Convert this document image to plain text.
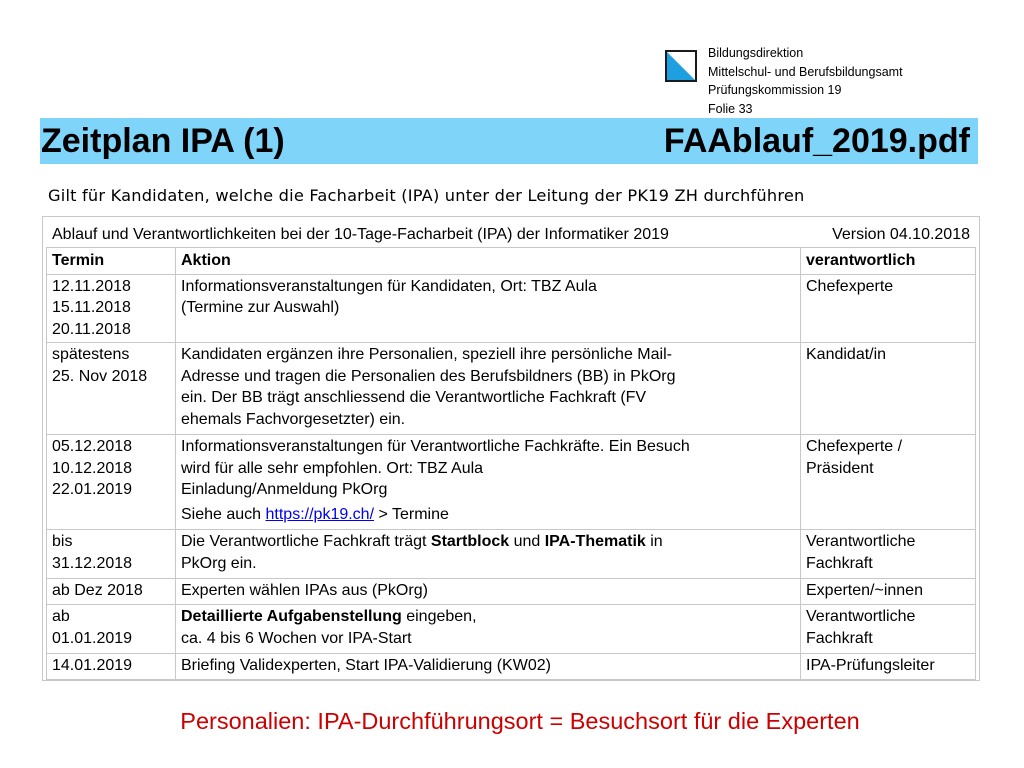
Bildungsdirektion
Mittelschul- und Berufsbildungsamt
Prüfungskommission 19
Folie 33
Zeitplan IPA (1)	FAAblauf_2019.pdf
Gilt für Kandidaten, welche die Facharbeit (IPA) unter der Leitung der PK19 ZH durchführen
Ablauf und Verantwortlichkeiten bei der 10-Tage-Facharbeit (IPA) der Informatiker 2019	Version 04.10.2018
Termin	Aktion	verantwortlich

12.11.2018
15.11.2018
20.11.2018	Informationsveranstaltungen für Kandidaten, Ort: TBZ Aula
(Termine zur Auswahl)	Chefexperte

spätestens
25. Nov 2018	Kandidaten ergänzen ihre Personalien, speziell ihre persönliche Mail-
Adresse und tragen die Personalien des Berufsbildners (BB) in PkOrg
ein. Der BB trägt anschliessend die Verantwortliche Fachkraft (FV
ehemals Fachvorgesetzter) ein.	Kandidat/in

05.12.2018
10.12.2018
22.01.2019	Informationsveranstaltungen für Verantwortliche Fachkräfte. Ein Besuch
wird für alle sehr empfohlen. Ort: TBZ Aula
Einladung/Anmeldung PkOrg
Siehe auch https://pk19.ch/ > Termine	Chefexperte /
Präsident

bis
31.12.2018	Die Verantwortliche Fachkraft trägt Startblock und IPA-Thematik in
PkOrg ein.	Verantwortliche
Fachkraft

ab Dez 2018	Experten wählen IPAs aus (PkOrg)	Experten/~innen

ab
01.01.2019	Detaillierte Aufgabenstellung eingeben,
ca. 4 bis 6 Wochen vor IPA-Start	Verantwortliche
Fachkraft

14.01.2019	Briefing Validexperten, Start IPA-Validierung (KW02)	IPA-Prüfungsleiter
Personalien: IPA-Durchführungsort = Besuchsort für die Experten
